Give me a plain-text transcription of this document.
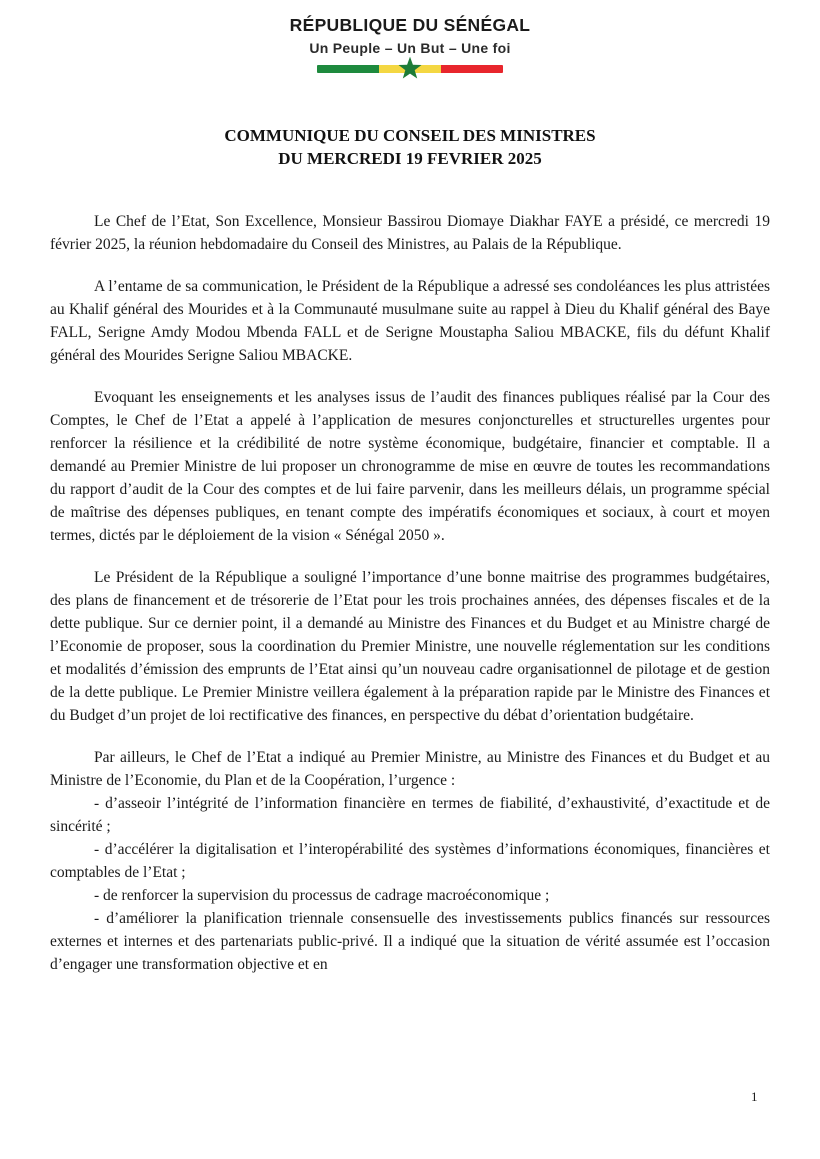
RÉPUBLIQUE DU SÉNÉGAL
Un Peuple – Un But – Une foi
COMMUNIQUE DU CONSEIL DES MINISTRES
DU MERCREDI 19 FEVRIER 2025

Le Chef de l’Etat, Son Excellence, Monsieur Bassirou Diomaye Diakhar FAYE a présidé, ce mercredi 19 février 2025, la réunion hebdomadaire du Conseil des Ministres, au Palais de la République.

A l’entame de sa communication, le Président de la République a adressé ses condoléances les plus attristées au Khalif général des Mourides et à la Communauté musulmane suite au rappel à Dieu du Khalif général des Baye FALL, Serigne Amdy Modou Mbenda FALL et de Serigne Moustapha Saliou MBACKE, fils du défunt Khalif général des Mourides Serigne Saliou MBACKE.

Evoquant les enseignements et les analyses issus de l’audit des finances publiques réalisé par la Cour des Comptes, le Chef de l’Etat a appelé à l’application de mesures conjoncturelles et structurelles urgentes pour renforcer la résilience et la crédibilité de notre système économique, budgétaire, financier et comptable. Il a demandé au Premier Ministre de lui proposer un chronogramme de mise en œuvre de toutes les recommandations du rapport d’audit de la Cour des comptes et de lui faire parvenir, dans les meilleurs délais, un programme spécial de maîtrise des dépenses publiques, en tenant compte des impératifs économiques et sociaux, à court et moyen termes, dictés par le déploiement de la vision « Sénégal 2050 ».

Le Président de la République a souligné l’importance d’une bonne maitrise des programmes budgétaires, des plans de financement et de trésorerie de l’Etat pour les trois prochaines années, des dépenses fiscales et de la dette publique. Sur ce dernier point, il a demandé au Ministre des Finances et du Budget et au Ministre chargé de l’Economie de proposer, sous la coordination du Premier Ministre, une nouvelle réglementation sur les conditions et modalités d’émission des emprunts de l’Etat ainsi qu’un nouveau cadre organisationnel de pilotage et de gestion de la dette publique. Le Premier Ministre veillera également à la préparation rapide par le Ministre des Finances et du Budget d’un projet de loi rectificative des finances, en perspective du débat d’orientation budgétaire.

Par ailleurs, le Chef de l’Etat a indiqué au Premier Ministre, au Ministre des Finances et du Budget et au Ministre de l’Economie, du Plan et de la Coopération, l’urgence :

- d’asseoir l’intégrité de l’information financière en termes de fiabilité, d’exhaustivité, d’exactitude et de sincérité ;

- d’accélérer la digitalisation et l’interopérabilité des systèmes d’informations économiques, financières et comptables de l’Etat ;

- de renforcer la supervision du processus de cadrage macroéconomique ;

- d’améliorer la planification triennale consensuelle des investissements publics financés sur ressources externes et internes et des partenariats public-privé. Il a indiqué que la situation de vérité assumée est l’occasion d’engager une transformation objective et en

1
